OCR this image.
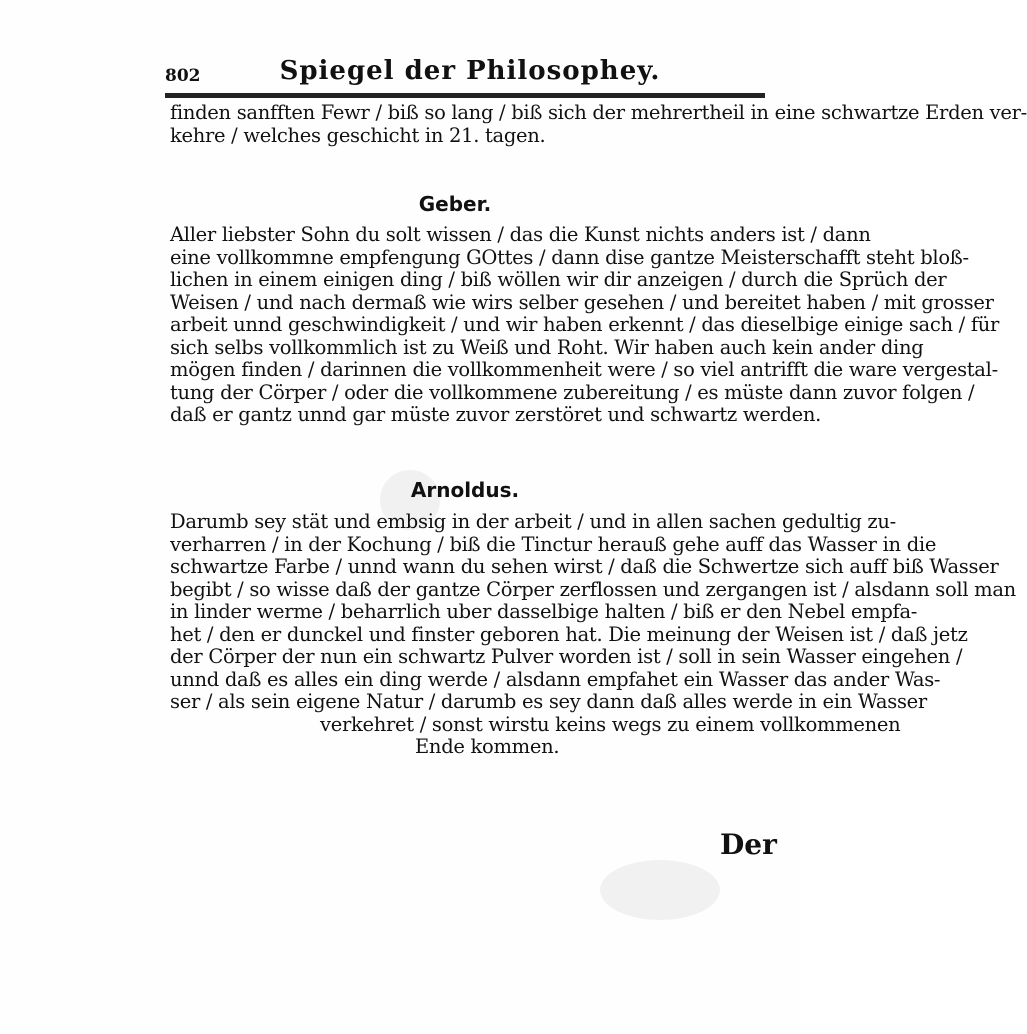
802	Spiegel der Philosophey.
finden sanfften Fewr / biß so lang / biß sich der mehrertheil in eine schwartze Erden ver-
kehre / welches geschicht in 21. tagen.
Geber.
Aller liebster Sohn du solt wissen / das die Kunst nichts anders ist / dann
eine vollkommne empfengung GOttes / dann dise gantze Meisterschafft steht bloß-
lichen in einem einigen ding / biß wöllen wir dir anzeigen / durch die Sprüch der
Weisen / und nach dermaß wie wirs selber gesehen / und bereitet haben / mit grosser
arbeit unnd geschwindigkeit / und wir haben erkennt / das dieselbige einige sach / für
sich selbs vollkommlich ist zu Weiß und Roht. Wir haben auch kein ander ding
mögen finden / darinnen die vollkommenheit were / so viel antrifft die ware vergestal-
tung der Cörper / oder die vollkommene zubereitung / es müste dann zuvor folgen /
daß er gantz unnd gar müste zuvor zerstöret und schwartz werden.
Arnoldus.
Darumb sey stät und embsig in der arbeit / und in allen sachen gedultig zu-
verharren / in der Kochung / biß die Tinctur herauß gehe auff das Wasser in die
schwartze Farbe / unnd wann du sehen wirst / daß die Schwertze sich auff biß Wasser
begibt / so wisse daß der gantze Cörper zerflossen und zergangen ist / alsdann soll man
in linder werme / beharrlich uber dasselbige halten / biß er den Nebel empfa-
het / den er dunckel und finster geboren hat. Die meinung der Weisen ist / daß jetz
der Cörper der nun ein schwartz Pulver worden ist / soll in sein Wasser eingehen /
unnd daß es alles ein ding werde / alsdann empfahet ein Wasser das ander Was-
ser / als sein eigene Natur / darumb es sey dann daß alles werde in ein Wasser
verkehret / sonst wirstu keins wegs zu einem vollkommenen
Ende kommen.
Der
